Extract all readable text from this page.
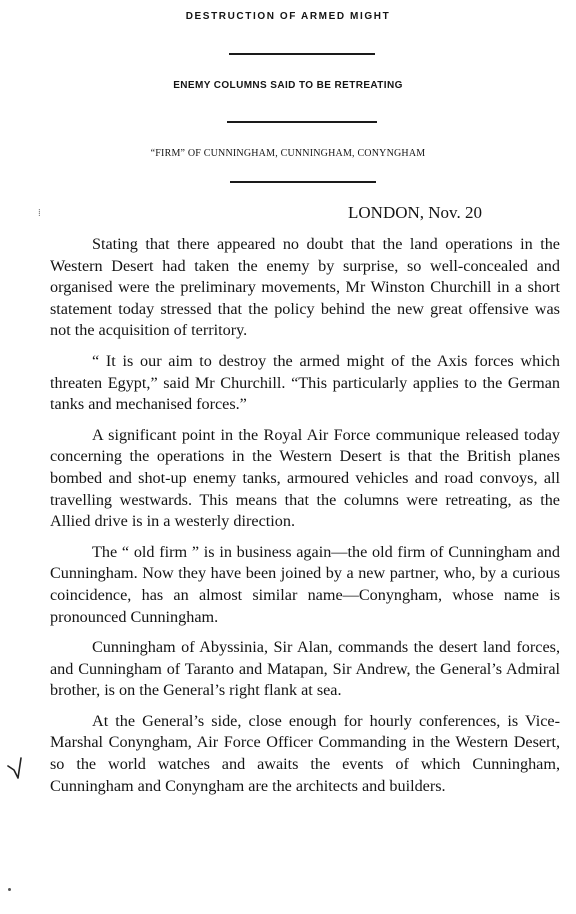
DESTRUCTION OF ARMED MIGHT
ENEMY COLUMNS SAID TO BE RETREATING
“FIRM” OF CUNNINGHAM, CUNNINGHAM, CONYNGHAM
⁞	LONDON, Nov. 20

Stating that there appeared no doubt that the land operations in the Western Desert had taken the enemy by surprise, so well-concealed and organised were the preliminary movements, Mr Winston Churchill in a short statement today stressed that the policy behind the new great offensive was not the acquisition of territory.

“ It is our aim to destroy the armed might of the Axis forces which threaten Egypt,” said Mr Churchill. “This particularly applies to the German tanks and mechanised forces.”

A significant point in the Royal Air Force communique released today concerning the operations in the Western Desert is that the British planes bombed and shot-up enemy tanks, armoured vehicles and road convoys, all travelling westwards. This means that the columns were retreating, as the Allied drive is in a westerly direction.

The “ old firm ” is in business again—the old firm of Cunningham and Cunningham. Now they have been joined by a new partner, who, by a curious coincidence, has an almost similar name—Conyngham, whose name is pronounced Cunningham.

Cunningham of Abyssinia, Sir Alan, commands the desert land forces, and Cunningham of Taranto and Matapan, Sir Andrew, the General’s Admiral brother, is on the General’s right flank at sea.

At the General’s side, close enough for hourly conferences, is Vice-Marshal Conyngham, Air Force Officer Commanding in the Western Desert, so the world watches and awaits the events of which Cunningham, Cunningham and Conyngham are the architects and builders.
